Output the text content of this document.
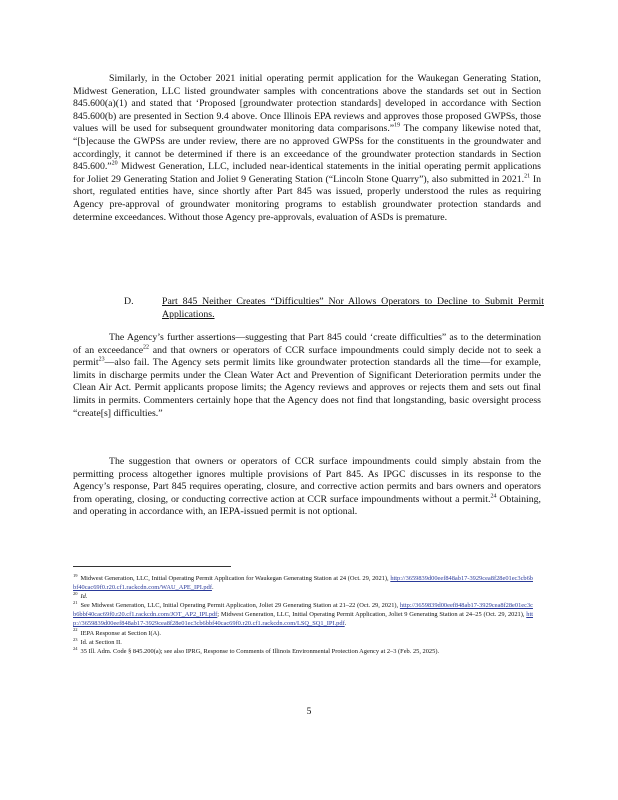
Similarly, in the October 2021 initial operating permit application for the Waukegan Generating Station, Midwest Generation, LLC listed groundwater samples with concentrations above the standards set out in Section 845.600(a)(1) and stated that ‘Proposed [groundwater protection standards] developed in accordance with Section 845.600(b) are presented in Section 9.4 above. Once Illinois EPA reviews and approves those proposed GWPSs, those values will be used for subsequent groundwater monitoring data comparisons.”$^{19}$ The company likewise noted that, “[b]ecause the GWPSs are under review, there are no approved GWPSs for the constituents in the groundwater and accordingly, it cannot be determined if there is an exceedance of the groundwater protection standards in Section 845.600.”$^{20}$ Midwest Generation, LLC, included near-identical statements in the initial operating permit applications for Joliet 29 Generating Station and Joliet 9 Generating Station (“Lincoln Stone Quarry”), also submitted in 2021.21 In short, regulated entities have, since shortly after Part 845 was issued, properly understood the rules as requiring Agency pre-approval of groundwater monitoring programs to establish groundwater protection standards and determine exceedances. Without those Agency pre-approvals, evaluation of ASDs is premature.

D.	Part 845 Neither Creates “Difficulties” Nor Allows Operators to Decline to Submit Permit Applications.

The Agency’s further assertions—suggesting that Part 845 could ‘create difficulties” as to the determination of an exceedance$^{22}$ and that owners or operators of CCR surface impoundments could simply decide not to seek a permit$^{23}$—also fail. The Agency sets permit limits like groundwater protection standards all the time—for example, limits in discharge permits under the Clean Water Act and Prevention of Significant Deterioration permits under the Clean Air Act. Permit applicants propose limits; the Agency reviews and approves or rejects them and sets out final limits in permits. Commenters certainly hope that the Agency does not find that longstanding, basic oversight process “create[s] difficulties.”

The suggestion that owners or operators of CCR surface impoundments could simply abstain from the permitting process altogether ignores multiple provisions of Part 845. As IPGC discusses in its response to the Agency’s response, Part 845 requires operating, closure, and corrective action permits and bars owners and operators from operating, closing, or conducting corrective action at CCR surface impoundments without a permit.$^{24}$ Obtaining, and operating in accordance with, an IEPA-issued permit is not optional.

$^{19}$ Midwest Generation, LLC, Initial Operating Permit Application for Waukegan Generating Station at 24 (Oct. 29, 2021), http://3659839d00eef848ab17-3929cea8f28e01ec3cb6bbf40cac69f0.r20.cf1.rackcdn.com/WAU_APE_IPI.pdf.

$^{20}$ Id.

$^{21}$ See Midwest Generation, LLC, Initial Operating Permit Application, Joliet 29 Generating Station at 21–22 (Oct. 29, 2021), http://3659839d00eef848ab17-3929cea8f28e01ec3cb6bbf40cac69f0.r20.cf1.rackcdn.com/JOT_AP2_IPI.pdf; Midwest Generation, LLC, Initial Operating Permit Application, Joliet 9 Generating Station at 24–25 (Oct. 29, 2021), http://3659839d00eef848ab17-3929cea8f28e01ec3cb6bbf40cac69f0.r20.cf1.rackcdn.com/LSQ_SQ1_IPI.pdf.

$^{22}$ IEPA Response at Section I(A).

$^{23}$ Id. at Section II.

$^{24}$ 35 Ill. Adm. Code § 845.200(a); see also IPRG, Response to Comments of Illinois Environmental Protection Agency at 2–3 (Feb. 25, 2025).

5
